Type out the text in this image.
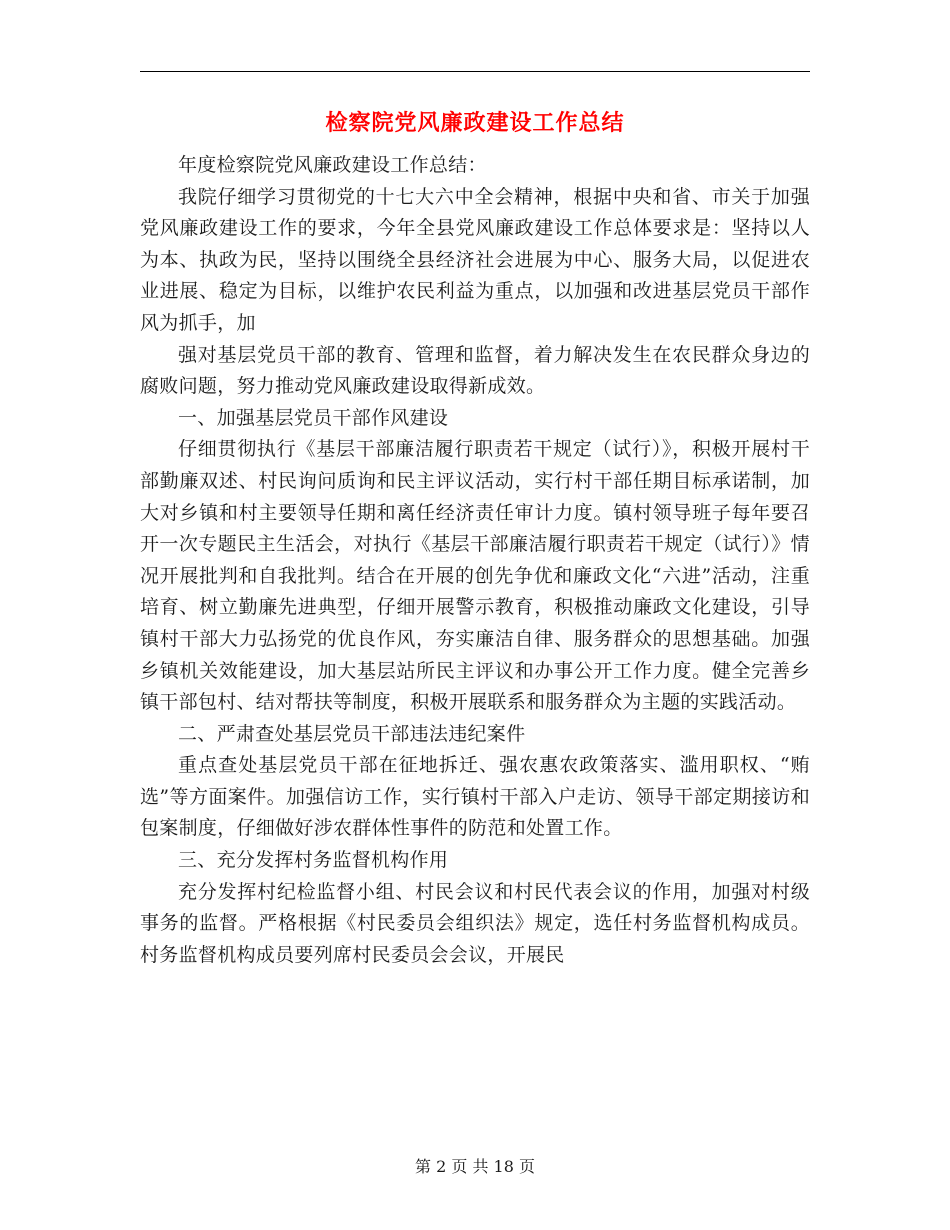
检察院党风廉政建设工作总结

年度检察院党风廉政建设工作总结：

我院仔细学习贯彻党的十七大六中全会精神，根据中央和省、市关于加强党风廉政建设工作的要求，今年全县党风廉政建设工作总体要求是：坚持以人为本、执政为民，坚持以围绕全县经济社会进展为中心、服务大局，以促进农业进展、稳定为目标，以维护农民利益为重点，以加强和改进基层党员干部作风为抓手，加

强对基层党员干部的教育、管理和监督，着力解决发生在农民群众身边的腐败问题，努力推动党风廉政建设取得新成效。

一、加强基层党员干部作风建设

仔细贯彻执行《基层干部廉洁履行职责若干规定（试行）》，积极开展村干部勤廉双述、村民询问质询和民主评议活动，实行村干部任期目标承诺制，加大对乡镇和村主要领导任期和离任经济责任审计力度。镇村领导班子每年要召开一次专题民主生活会，对执行《基层干部廉洁履行职责若干规定（试行）》情况开展批判和自我批判。结合在开展的创先争优和廉政文化“六进”活动，注重培育、树立勤廉先进典型，仔细开展警示教育，积极推动廉政文化建设，引导镇村干部大力弘扬党的优良作风，夯实廉洁自律、服务群众的思想基础。加强乡镇机关效能建设，加大基层站所民主评议和办事公开工作力度。健全完善乡镇干部包村、结对帮扶等制度，积极开展联系和服务群众为主题的实践活动。

二、严肃查处基层党员干部违法违纪案件

重点查处基层党员干部在征地拆迁、强农惠农政策落实、滥用职权、“贿选”等方面案件。加强信访工作，实行镇村干部入户走访、领导干部定期接访和包案制度，仔细做好涉农群体性事件的防范和处置工作。

三、充分发挥村务监督机构作用

充分发挥村纪检监督小组、村民会议和村民代表会议的作用，加强对村级事务的监督。严格根据《村民委员会组织法》规定，选任村务监督机构成员。村务监督机构成员要列席村民委员会会议，开展民

第 2 页 共 18 页
